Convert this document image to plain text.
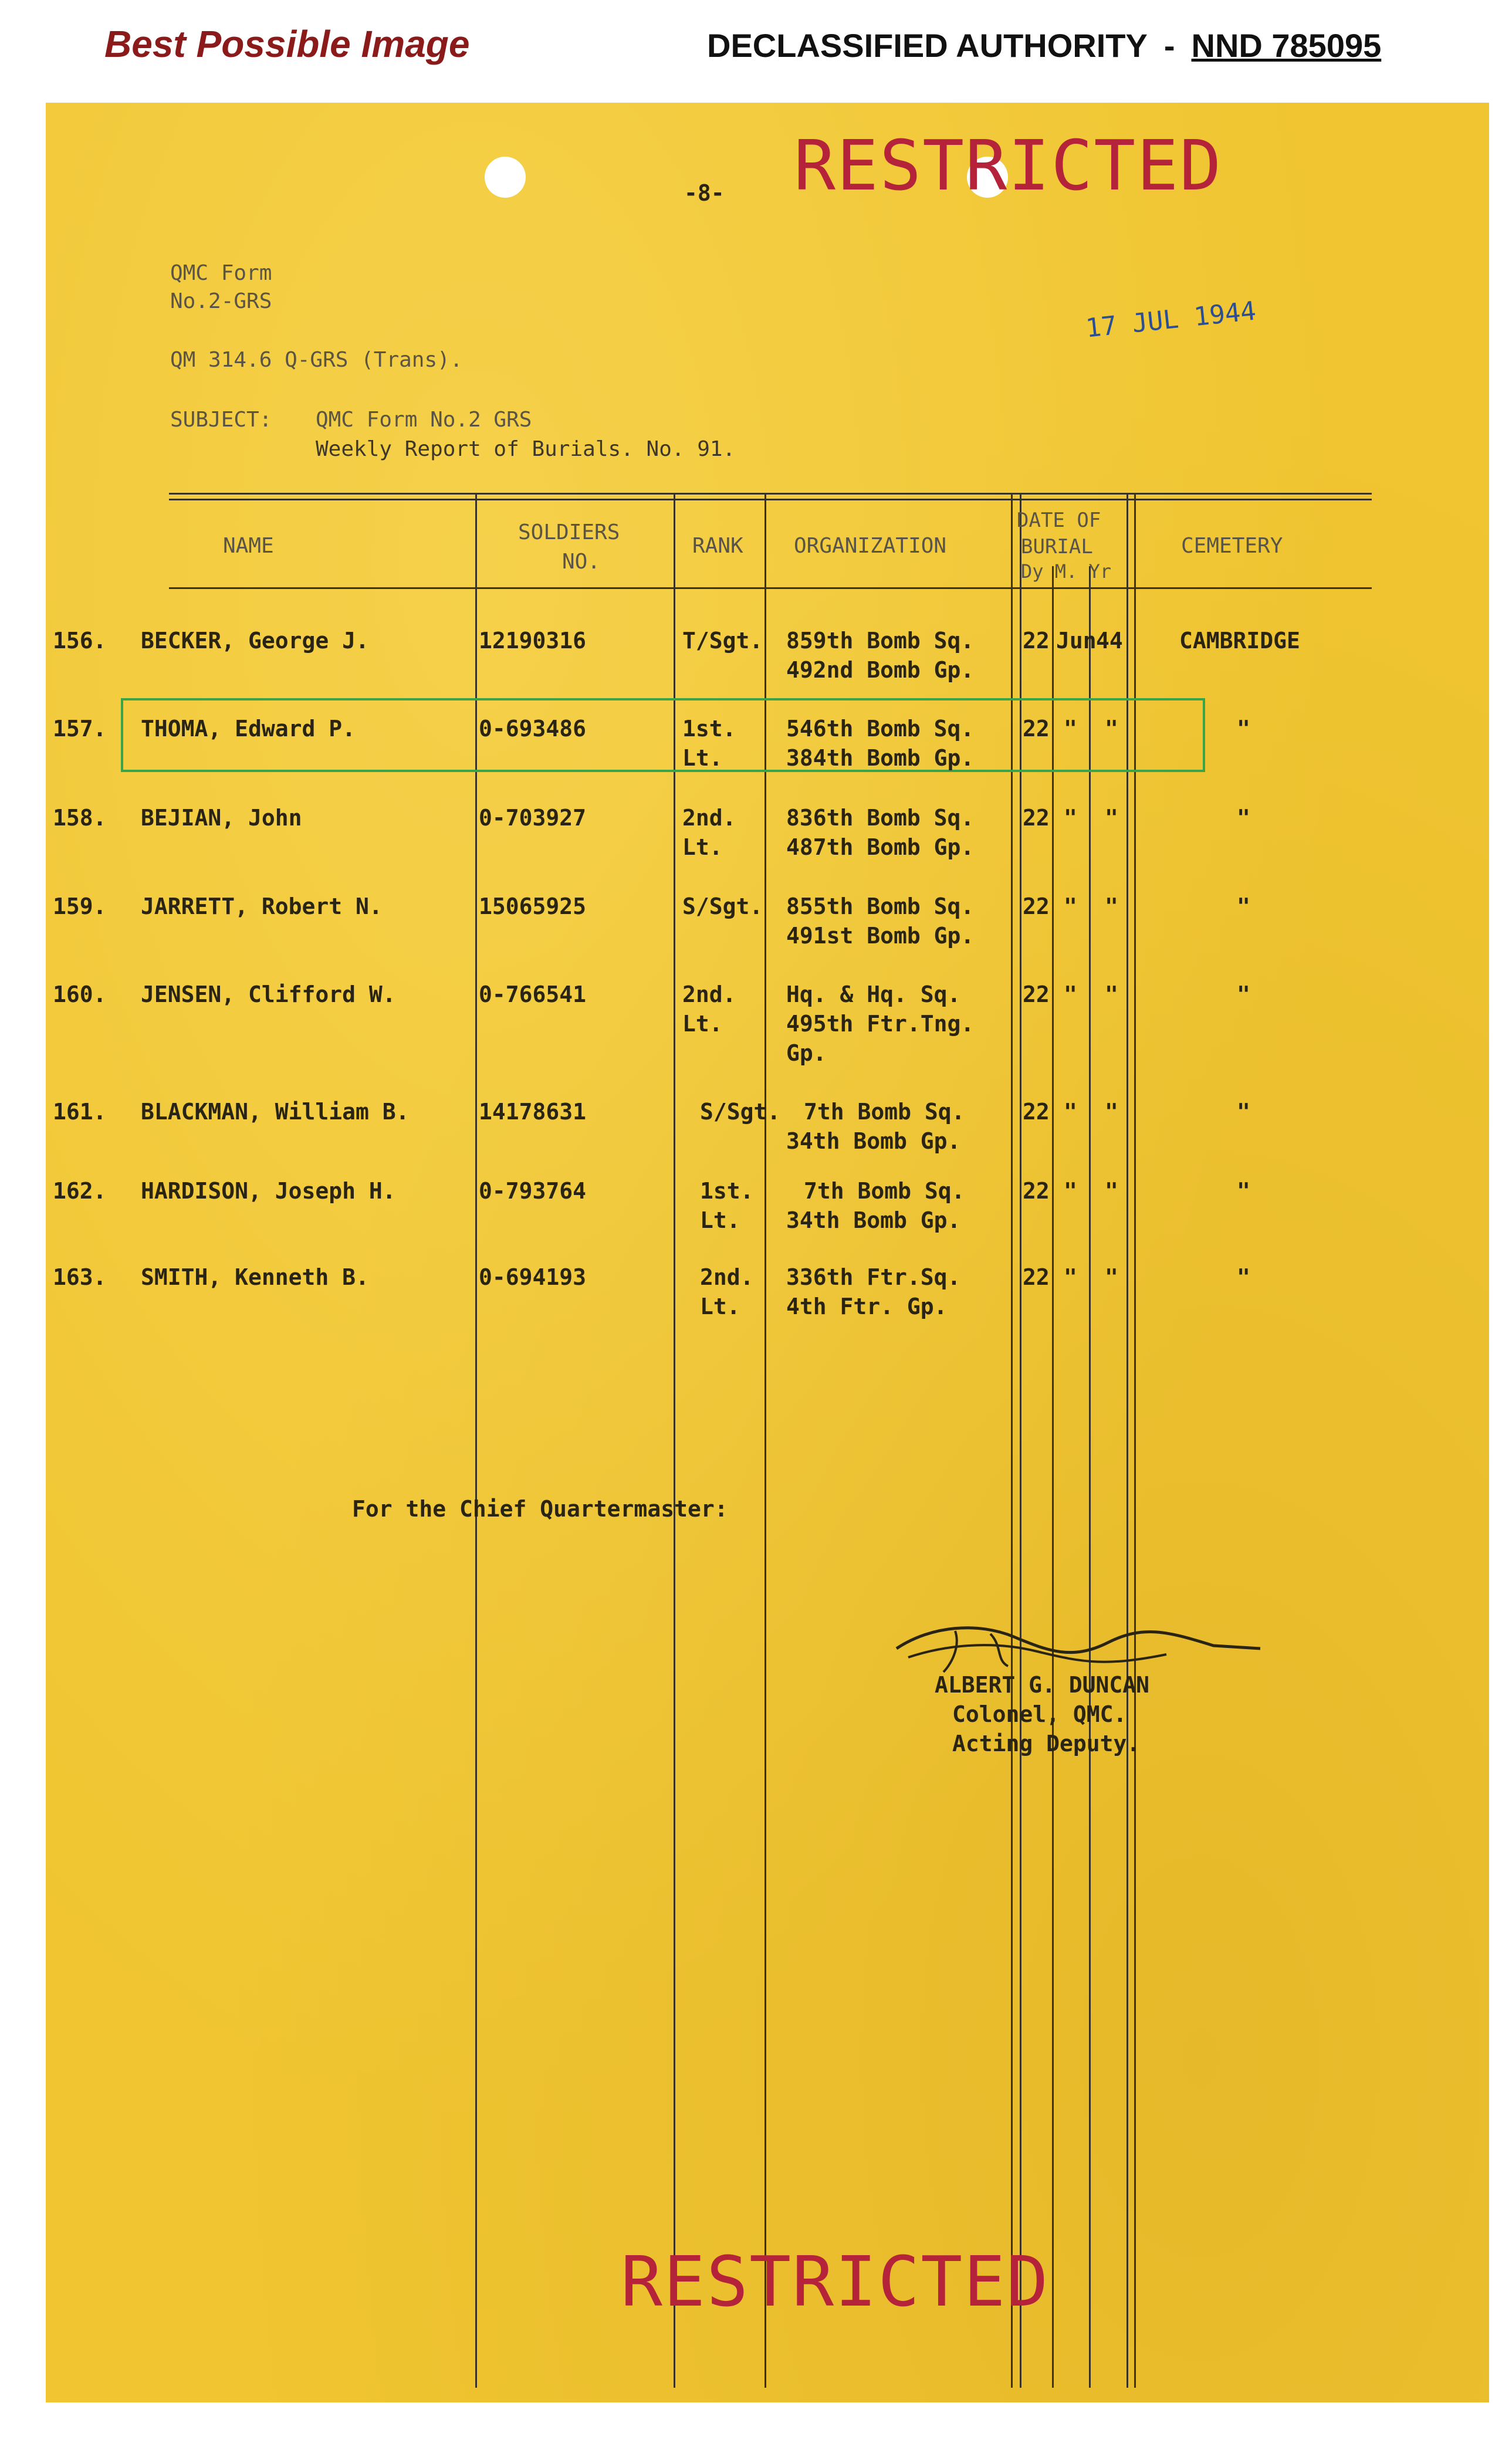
Best Possible Image	DECLASSIFIED AUTHORITY - NND 785095
-8- RESTRICTED
QMC Form
No.2-GRS
QM 314.6 Q-GRS (Trans).
17 JUL 1944
SUBJECT: QMC Form No.2 GRS
Weekly Report of Burials. No. 91.
NAME
SOLDIERS
NO.
RANK ORGANIZATION
DATE OF
BURIAL
Dy M. Yr
CEMETERY
156. BECKER, George J.	12190316	T/Sgt. 859th Bomb Sq.
492nd Bomb Gp.
22 Jun 44	CAMBRIDGE
157. THOMA, Edward P.	0-693486	1st.
Lt.
546th Bomb Sq.
384th Bomb Gp.
22 " "	"
158. BEJIAN, John	0-703927	2nd.
Lt.
836th Bomb Sq.
487th Bomb Gp.
22 " "	"
159. JARRETT, Robert N.	15065925	S/Sgt. 855th Bomb Sq.
491st Bomb Gp.
22 " "	"
160. JENSEN, Clifford W.	0-766541	2nd.
Lt.
Hq. & Hq. Sq.
495th Ftr.Tng.
Gp.
22 " "	"
161. BLACKMAN, William B.	14178631	S/Sgt. 7th Bomb Sq.
34th Bomb Gp.
22 " "	"
162. HARDISON, Joseph H.	0-793764	1st.
Lt.
7th Bomb Sq.
34th Bomb Gp.
22 " "	"
163. SMITH, Kenneth B.	0-694193	2nd.
Lt.
336th Ftr.Sq.
4th Ftr. Gp.
22 " "	"
For the Chief Quartermaster:
ALBERT G. DUNCAN
Colonel, QMC.
Acting Deputy.
RESTRICTED
